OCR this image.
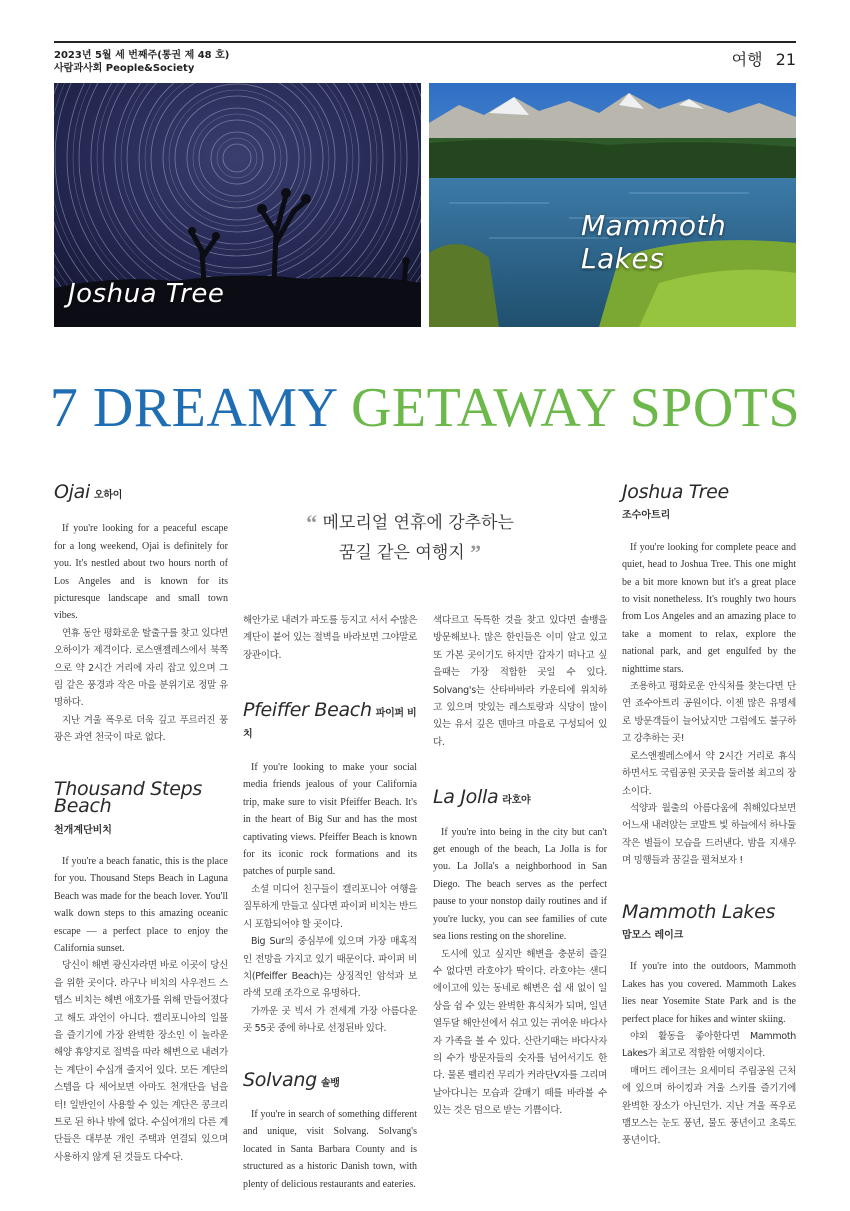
2023년 5월 세 번째주(통권 제 48 호)
사람과사회 People&Society	여행 21
Joshua Tree
Mammoth Lakes
7 DREAMY GETAWAY SPOTS
“ 메모리얼 연휴에 강추하는
꿈길 같은 여행지 ”
Ojai 오하이

If you're looking for a peaceful escape for a long weekend, Ojai is definitely for you. It's nestled about two hours north of Los Angeles and is known for its picturesque landscape and small town vibes.

연휴 동안 평화로운 탈출구를 찾고 있다면 오하이가 제격이다. 로스앤젤레스에서 북쪽으로 약 2시간 거리에 자리 잡고 있으며 그림 같은 풍경과 작은 마을 분위기로 정말 유명하다.

지난 겨울 폭우로 더욱 깊고 푸르러진 풍광은 과연 천국이 따로 없다.

Thousand Steps Beach
천개계단비치

If you're a beach fanatic, this is the place for you. Thousand Steps Beach in Laguna Beach was made for the beach lover. You'll walk down steps to this amazing oceanic escape — a perfect place to enjoy the California sunset.

당신이 해변 광신자라면 바로 이곳이 당신을 위한 곳이다. 라구나 비치의 사우전드 스텝스 비치는 해변 애호가를 위해 만들어졌다고 해도 과언이 아니다. 캘리포니아의 일몰을 즐기기에 가장 완벽한 장소인 이 놀라운 해양 휴양지로 절벽을 따라 해변으로 내려가는 계단이 수십개 줄지어 있다. 모든 계단의 스텝을 다 세어보면 아마도 천개단을 넘을 터! 일반인이 사용할 수 있는 계단은 콩크리트로 된 하나 밖에 없다. 수십여개의 다른 계단들은 대부분 개인 주택과 연결되 있으며 사용하지 않게 된 것들도 다수다.

해안가로 내려가 파도를 등지고 서서 수많은 계단이 붙어 있는 절벽을 바라보면 그야말로 장관이다.

Pfeiffer Beach 파이퍼 비치

If you're looking to make your social media friends jealous of your California trip, make sure to visit Pfeiffer Beach. It's in the heart of Big Sur and has the most captivating views. Pfeiffer Beach is known for its iconic rock formations and its patches of purple sand.

소셜 미디어 친구들이 캘리포니아 여행을 질투하게 만들고 싶다면 파이퍼 비치는 반드시 포함되어야 할 곳이다.

Big Sur의 중심부에 있으며 가장 매혹적인 전망을 가지고 있기 때문이다. 파이퍼 비치(Pfeiffer Beach)는 상징적인 암석과 보라색 모래 조각으로 유명하다.

가까운 곳 빅서 가 전세계 가장 아름다운 곳 55곳 중에 하나로 선정된바 있다.

Solvang 솔뱅

If you're in search of something different and unique, visit Solvang. Solvang's located in Santa Barbara County and is structured as a historic Danish town, with plenty of delicious restaurants and eateries.

색다르고 독특한 것을 찾고 있다면 솔뱅을 방문해보나. 많은 한인들은 이미 알고 있고 또 가본 곳이기도 하지만 갑자기 떠나고 싶을때는 가장 적합한 곳일 수 있다. Solvang's는 산타바바라 카운티에 위치하고 있으며 맛있는 레스토랑과 식당이 많이 있는 유서 깊은 덴마크 마을로 구성되어 있다.

La Jolla 라호야

If you're into being in the city but can't get enough of the beach, La Jolla is for you. La Jolla's a neighborhood in San Diego. The beach serves as the perfect pause to your nonstop daily routines and if you're lucky, you can see families of cute sea lions resting on the shoreline.

도시에 있고 싶지만 해변을 충분히 즐길 수 없다면 라호야가 딱이다. 라호야는 샌디에이고에 있는 동네로 해변은 쉽 새 없이 일상을 쉼 수 있는 완벽한 휴식처가 되며, 일년 열두달 해안선에서 쉬고 있는 귀여운 바다사자 가족을 볼 수 있다. 산란기때는 바다사자의 수가 방문자들의 숫자를 넘어서기도 한다. 물론 펠리컨 무리가 커라단V자를 그리며 날아다니는 모습과 갈매기 떼를 바라볼 수 있는 것은 덤으로 받는 기쁨이다.

Joshua Tree
조수아트리

If you're looking for complete peace and quiet, head to Joshua Tree. This one might be a bit more known but it's a great place to visit nonetheless. It's roughly two hours from Los Angeles and an amazing place to take a moment to relax, explore the national park, and get engulfed by the nighttime stars.

조용하고 평화로운 안식처를 찾는다면 단연 죠수아트리 공원이다. 이젠 많은 유명세로 방문객들이 늘어났지만 그럼에도 불구하고 강추하는 곳!

로스앤젤레스에서 약 2시간 거리로 휴식하면서도 국립공원 곳곳을 둘러볼 최고의 장소이다.

석양과 월출의 아름다움에 취해있다보면 어느새 내려앉는 코발트 빛 하늘에서 하나둘 작은 별들이 모습을 드러낸다. 밤을 지새우며 밍행들과 꿈길을 펼쳐보자 !

Mammoth Lakes
맘모스 레이크

If you're into the outdoors, Mammoth Lakes has you covered. Mammoth Lakes lies near Yosemite State Park and is the perfect place for hikes and winter skiing.

야외 활동을 좋아한다면 Mammoth Lakes가 최고로 적합한 여행지이다.

매머드 레이크는 요세미티 주립공원 근처에 있으며 하이킹과 겨울 스키를 즐기기에 완벽한 장소가 아닌던가. 지난 겨울 폭우로 맴모스는 눈도 풍년, 물도 풍년이고 초록도 풍년이다.
